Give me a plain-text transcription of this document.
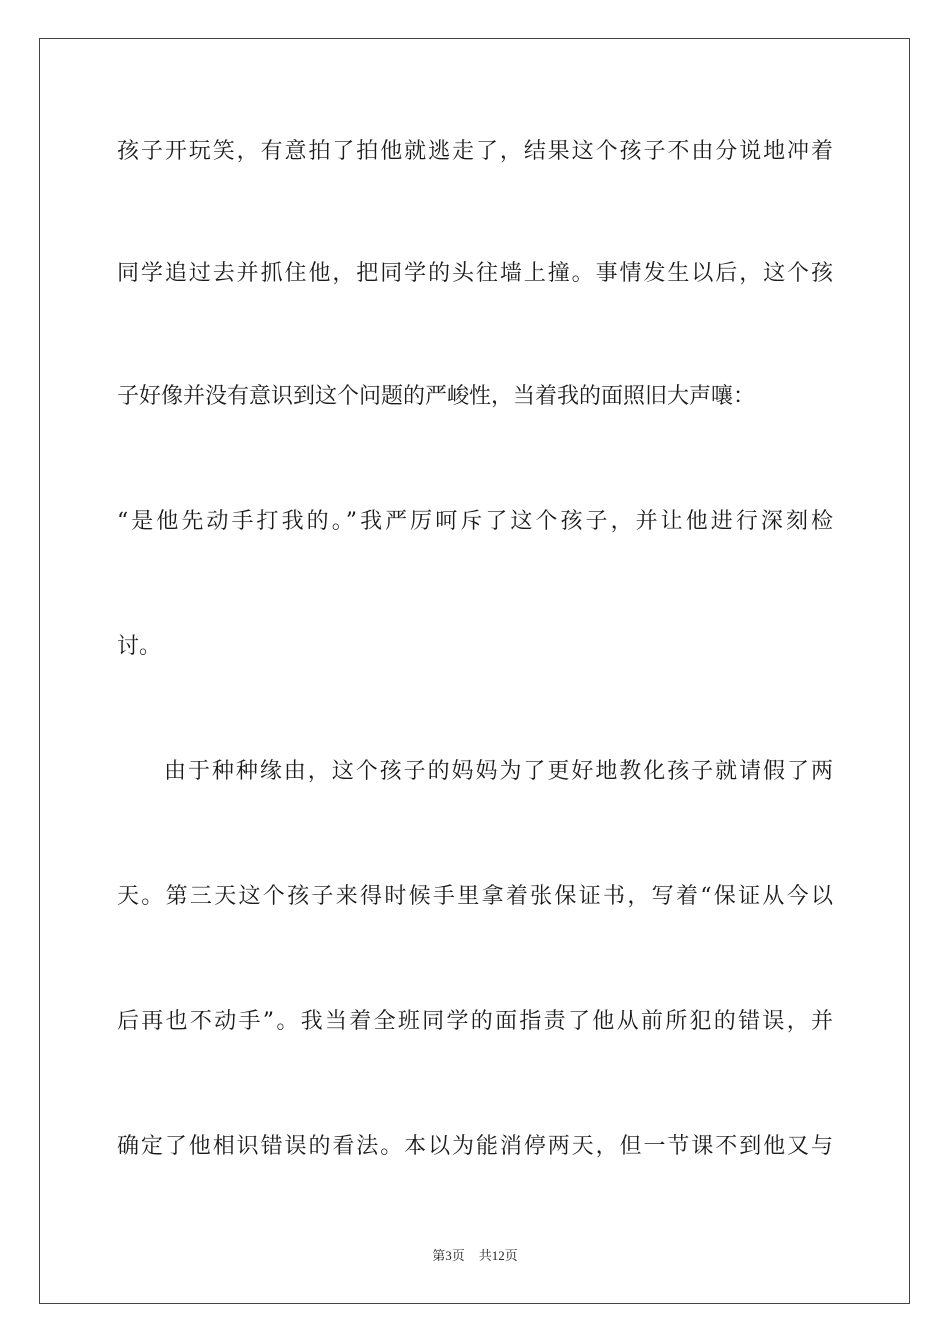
孩子开玩笑，有意拍了拍他就逃走了，结果这个孩子不由分说地冲着
同学追过去并抓住他，把同学的头往墙上撞。事情发生以后，这个孩
子好像并没有意识到这个问题的严峻性，当着我的面照旧大声嚷：
“是他先动手打我的。”我严厉呵斥了这个孩子，并让他进行深刻检
讨。
由于种种缘由，这个孩子的妈妈为了更好地教化孩子就请假了两
天。第三天这个孩子来得时候手里拿着张保证书，写着“保证从今以
后再也不动手”。我当着全班同学的面指责了他从前所犯的错误，并
确定了他相识错误的看法。本以为能消停两天，但一节课不到他又与
第3页 共12页
